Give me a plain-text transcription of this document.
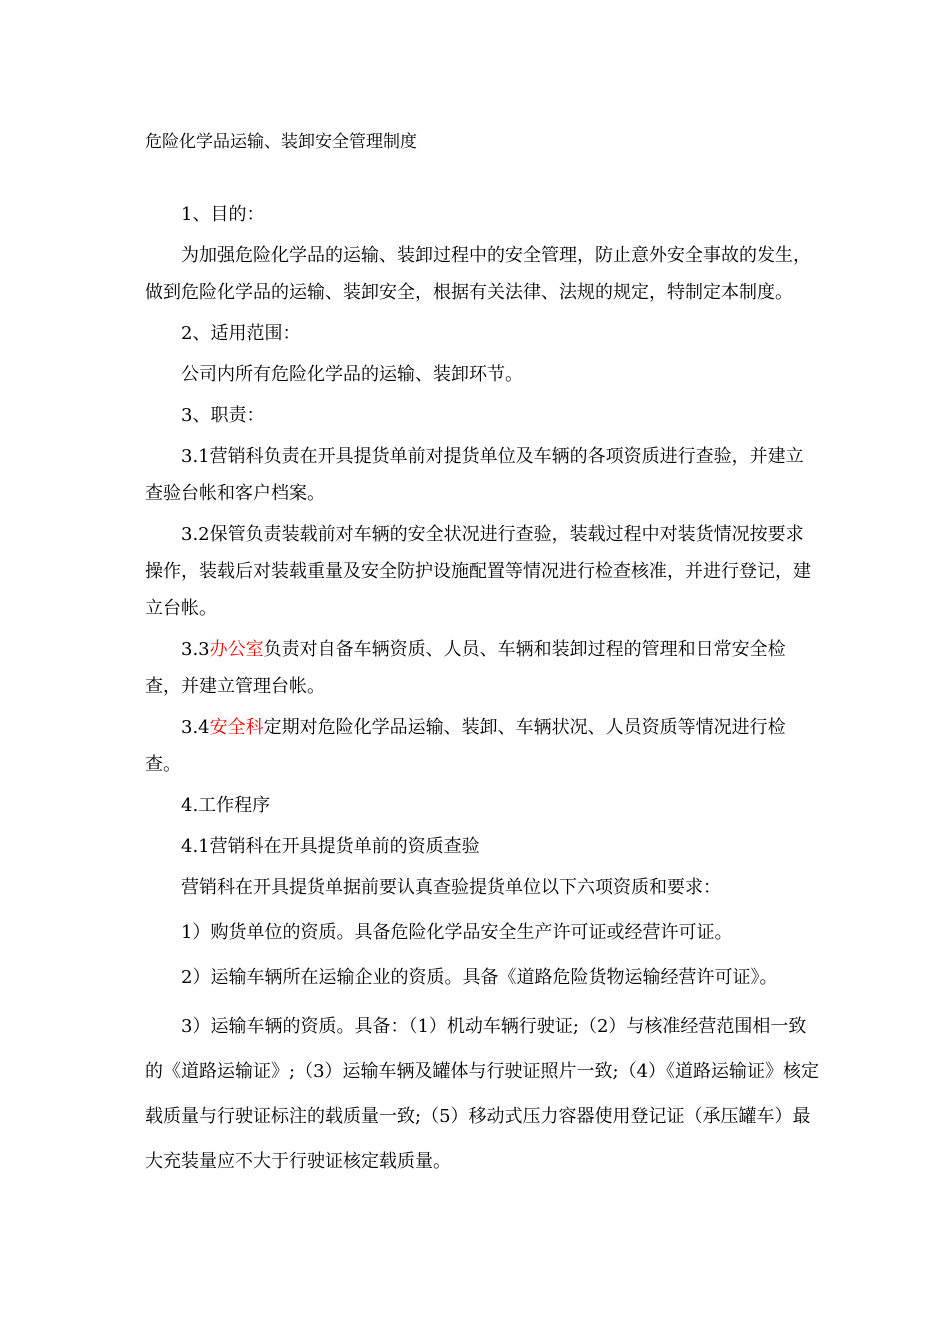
危险化学品运输、装卸安全管理制度

1、目的：

为加强危险化学品的运输、装卸过程中的安全管理，防止意外安全事故的发生，做到危险化学品的运输、装卸安全，根据有关法律、法规的规定，特制定本制度。

2、适用范围：

公司内所有危险化学品的运输、装卸环节。

3、职责：

3.1营销科负责在开具提货单前对提货单位及车辆的各项资质进行查验，并建立查验台帐和客户档案。

3.2保管负责装载前对车辆的安全状况进行查验，装载过程中对装货情况按要求操作，装载后对装载重量及安全防护设施配置等情况进行检查核准，并进行登记，建立台帐。

3.3办公室负责对自备车辆资质、人员、车辆和装卸过程的管理和日常安全检查，并建立管理台帐。

3.4安全科定期对危险化学品运输、装卸、车辆状况、人员资质等情况进行检查。

4.工作程序

4.1营销科在开具提货单前的资质查验

营销科在开具提货单据前要认真查验提货单位以下六项资质和要求：

1）购货单位的资质。具备危险化学品安全生产许可证或经营许可证。

2）运输车辆所在运输企业的资质。具备《道路危险货物运输经营许可证》。

3）运输车辆的资质。具备：（1）机动车辆行驶证;（2）与核准经营范围相一致的《道路运输证》;（3）运输车辆及罐体与行驶证照片一致;（4）《道路运输证》核定载质量与行驶证标注的载质量一致;（5）移动式压力容器使用登记证（承压罐车）最大充装量应不大于行驶证核定载质量。
